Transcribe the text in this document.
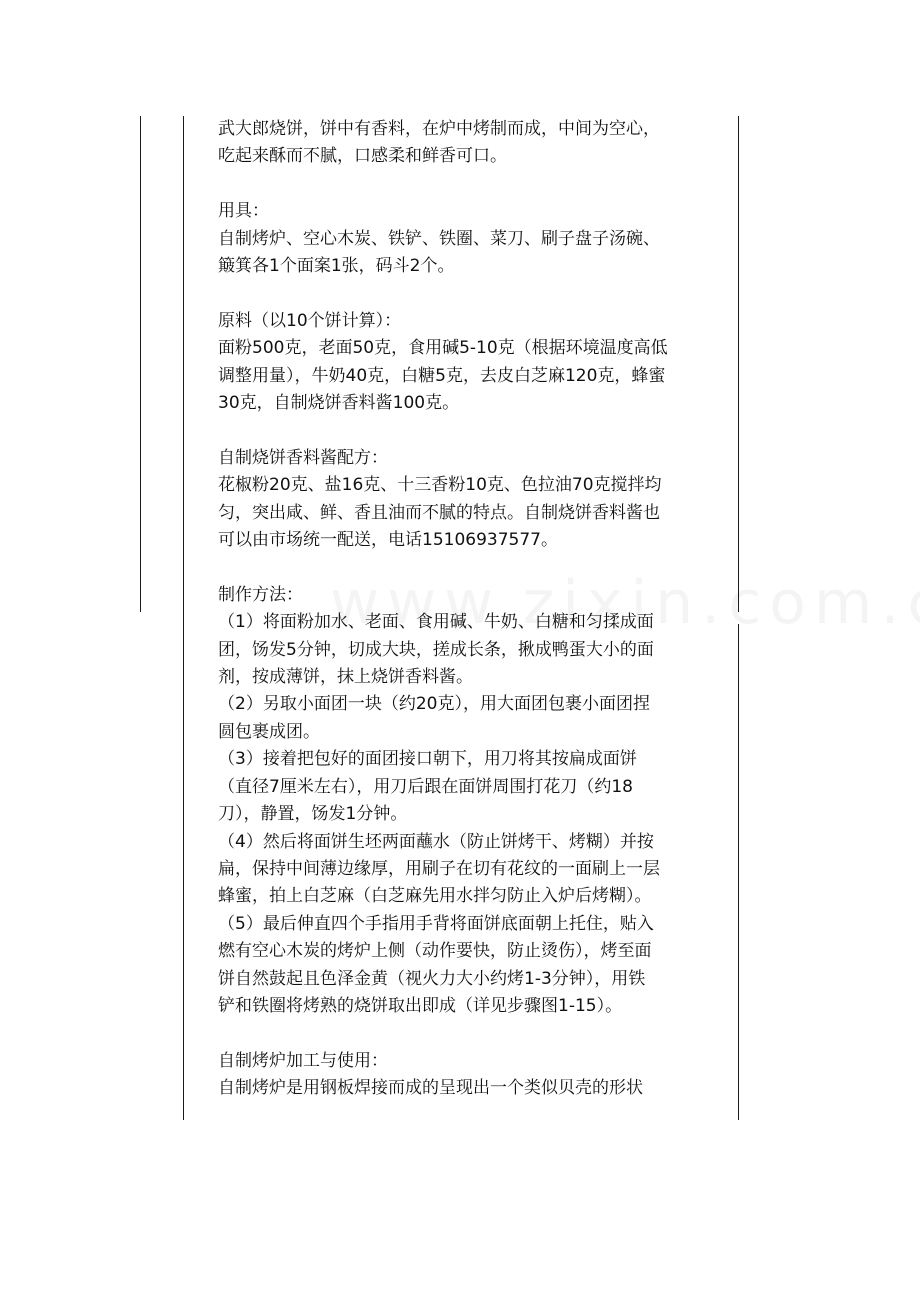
武大郎烧饼，饼中有香料，在炉中烤制而成，中间为空心，

吃起来酥而不腻，口感柔和鲜香可口。

用具：

自制烤炉、空心木炭、铁铲、铁圈、菜刀、刷子盘子汤碗、

簸箕各1个面案1张，码斗2个。

原料（以10个饼计算）：

面粉500克，老面50克，食用碱5-10克（根据环境温度高低

调整用量），牛奶40克，白糖5克，去皮白芝麻120克，蜂蜜

30克，自制烧饼香料酱100克。

自制烧饼香料酱配方：

花椒粉20克、盐16克、十三香粉10克、色拉油70克搅拌均

匀，突出咸、鲜、香且油而不腻的特点。自制烧饼香料酱也

可以由市场统一配送，电话15106937577。

制作方法：

（1）将面粉加水、老面、食用碱、牛奶、白糖和匀揉成面

团，饧发5分钟，切成大块，搓成长条，揪成鸭蛋大小的面

剂，按成薄饼，抹上烧饼香料酱。

（2）另取小面团一块（约20克），用大面团包裹小面团捏

圆包裹成团。

（3）接着把包好的面团接口朝下，用刀将其按扁成面饼

（直径7厘米左右），用刀后跟在面饼周围打花刀（约18

刀），静置，饧发1分钟。

（4）然后将面饼生坯两面蘸水（防止饼烤干、烤糊）并按

扁，保持中间薄边缘厚，用刷子在切有花纹的一面刷上一层

蜂蜜，拍上白芝麻（白芝麻先用水拌匀防止入炉后烤糊）。

（5）最后伸直四个手指用手背将面饼底面朝上托住，贴入

燃有空心木炭的烤炉上侧（动作要快，防止烫伤），烤至面

饼自然鼓起且色泽金黄（视火力大小约烤1-3分钟），用铁

铲和铁圈将烤熟的烧饼取出即成（详见步骤图1-15）。

自制烤炉加工与使用：

自制烤炉是用钢板焊接而成的呈现出一个类似贝壳的形状
